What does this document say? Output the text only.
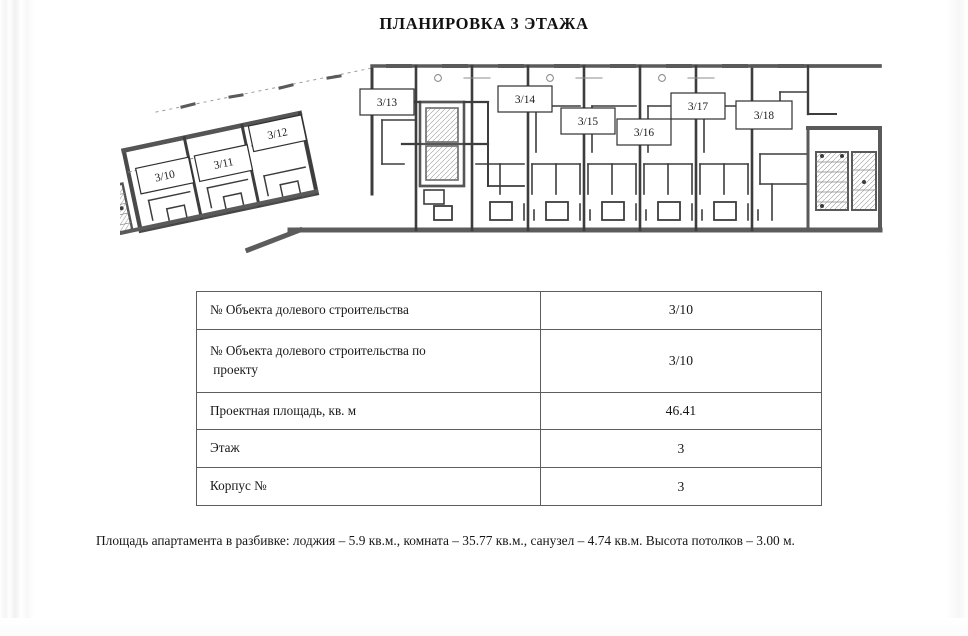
ПЛАНИРОВКА 3 ЭТАЖА
3/10
3/11
3/12
3/13	3/14
3/15
3/16
3/17
3/18
№ Объекта долевого строительства	3/10
№ Объекта долевого строительства по
проекту	3/10
Проектная площадь, кв. м	46.41
Этаж	3
Корпус №	3
Площадь апартамента в разбивке: лоджия – 5.9 кв.м., комната – 35.77 кв.м., санузел – 4.74 кв.м. Высота потолков – 3.00 м.
